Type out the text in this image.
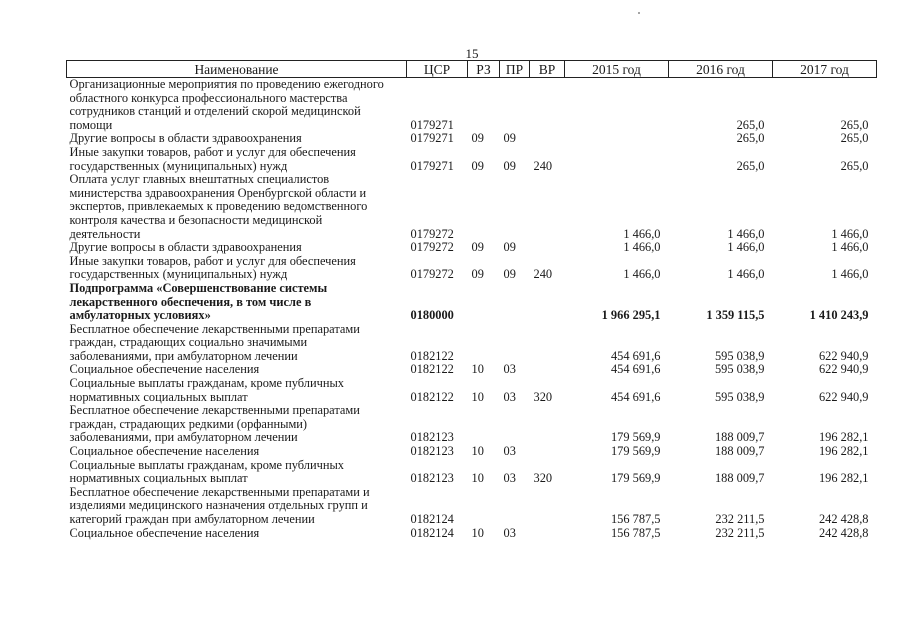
15
Наименование	ЦСР	РЗ	ПР	ВР	2015 год	2016 год	2017 год
Организационные мероприятия по проведению ежегодного областного конкурса профессионального мастерства сотрудников станций и отделений скорой медицинской помощи	0179271					265,0	265,0
Другие вопросы в области здравоохранения	0179271	09	09			265,0	265,0
Иные закупки товаров, работ и услуг для обеспечения государственных (муниципальных) нужд	0179271	09	09	240		265,0	265,0
Оплата услуг главных внештатных специалистов министерства здравоохранения Оренбургской области и экспертов, привлекаемых к проведению ведомственного контроля качества и безопасности медицинской деятельности	0179272				1 466,0	1 466,0	1 466,0
Другие вопросы в области здравоохранения	0179272	09	09		1 466,0	1 466,0	1 466,0
Иные закупки товаров, работ и услуг для обеспечения государственных (муниципальных) нужд	0179272	09	09	240	1 466,0	1 466,0	1 466,0
Подпрограмма «Совершенствование системы лекарственного обеспечения, в том числе в амбулаторных условиях»	0180000				1 966 295,1	1 359 115,5	1 410 243,9
Бесплатное обеспечение лекарственными препаратами граждан, страдающих социально значимыми заболеваниями, при амбулаторном лечении	0182122				454 691,6	595 038,9	622 940,9
Социальное обеспечение населения	0182122	10	03		454 691,6	595 038,9	622 940,9
Социальные выплаты гражданам, кроме публичных нормативных социальных выплат	0182122	10	03	320	454 691,6	595 038,9	622 940,9
Бесплатное обеспечение лекарственными препаратами граждан, страдающих редкими (орфанными) заболеваниями, при амбулаторном лечении	0182123				179 569,9	188 009,7	196 282,1
Социальное обеспечение населения	0182123	10	03		179 569,9	188 009,7	196 282,1
Социальные выплаты гражданам, кроме публичных нормативных социальных выплат	0182123	10	03	320	179 569,9	188 009,7	196 282,1
Бесплатное обеспечение лекарственными препаратами и изделиями медицинского назначения отдельных групп и категорий граждан при амбулаторном лечении	0182124				156 787,5	232 211,5	242 428,8
Социальное обеспечение населения	0182124	10	03		156 787,5	232 211,5	242 428,8
